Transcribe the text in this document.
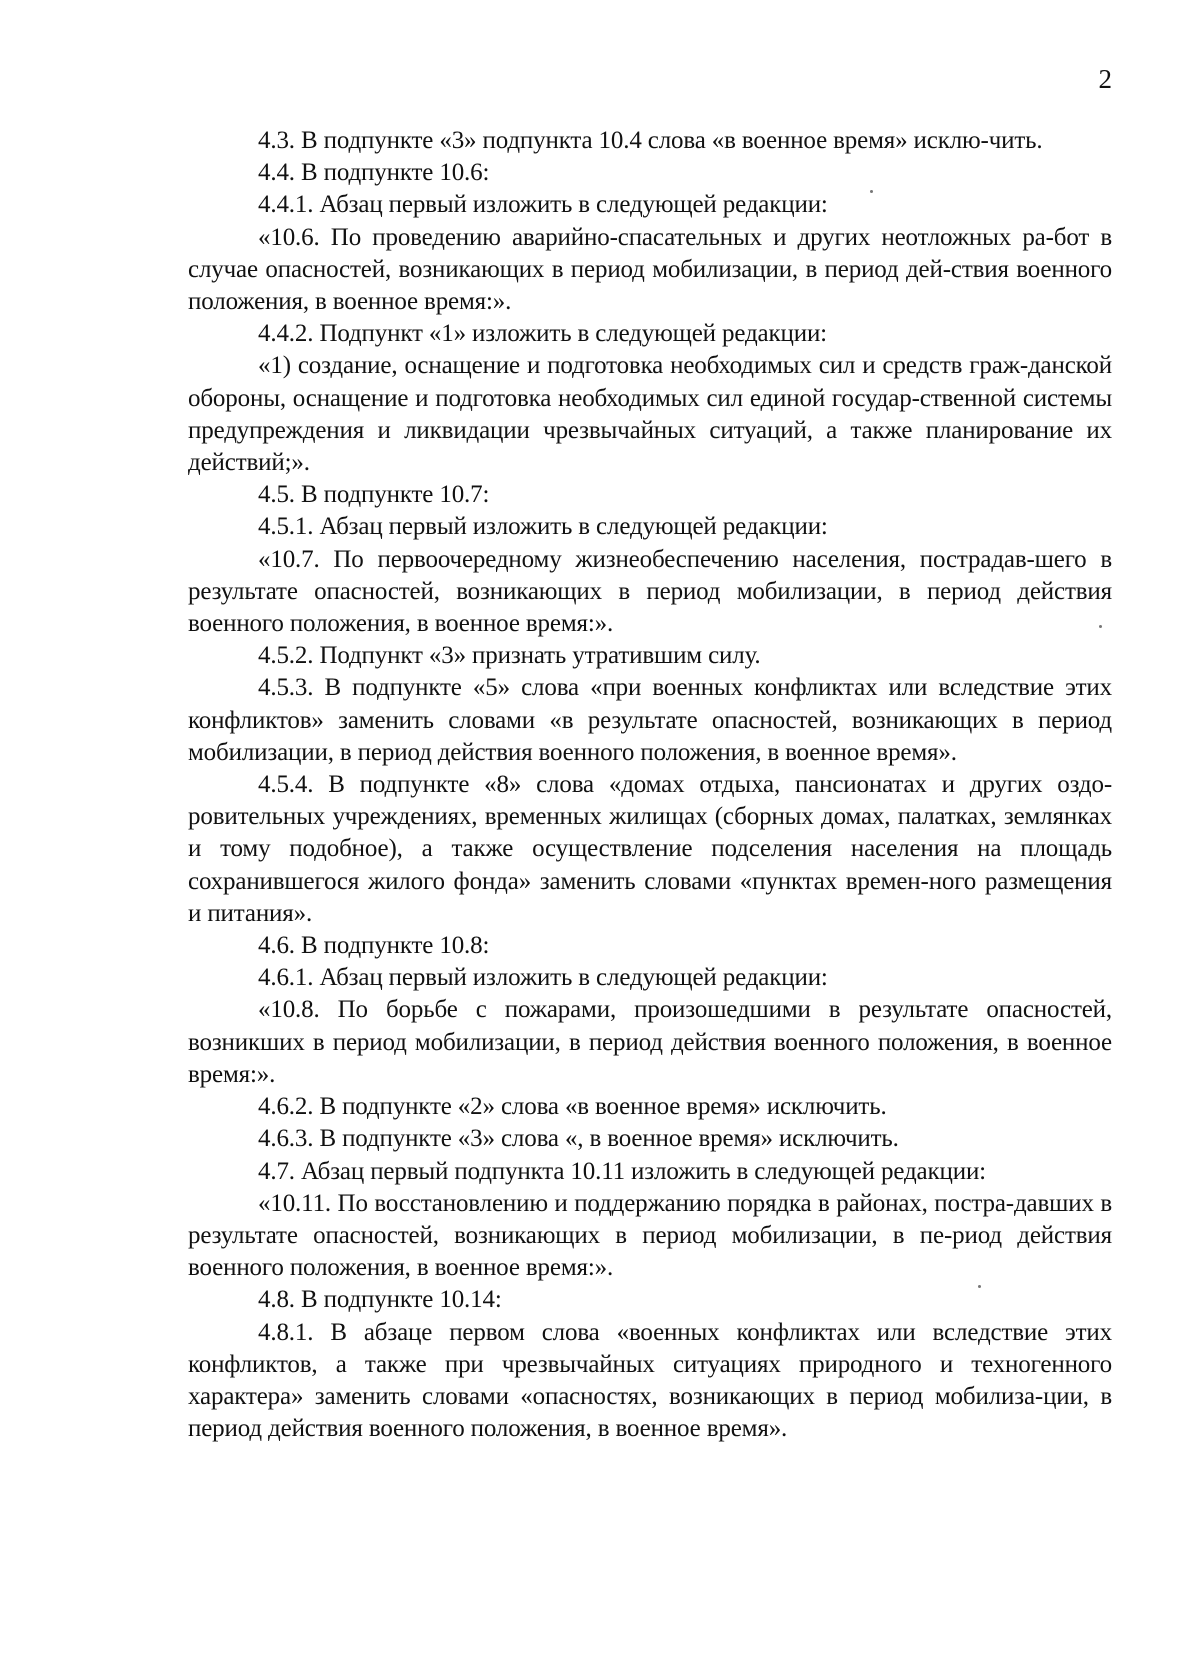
2

4.3. В подпункте «3» подпункта 10.4 слова «в военное время» исклю-чить.

4.4. В подпункте 10.6:

4.4.1. Абзац первый изложить в следующей редакции:

«10.6. По проведению аварийно-спасательных и других неотложных ра-бот в случае опасностей, возникающих в период мобилизации, в период дей-ствия военного положения, в военное время:».

4.4.2. Подпункт «1» изложить в следующей редакции:

«1) создание, оснащение и подготовка необходимых сил и средств граж-данской обороны, оснащение и подготовка необходимых сил единой государ-ственной системы предупреждения и ликвидации чрезвычайных ситуаций, а также планирование их действий;».

4.5. В подпункте 10.7:

4.5.1. Абзац первый изложить в следующей редакции:

«10.7. По первоочередному жизнеобеспечению населения, пострадав-шего в результате опасностей, возникающих в период мобилизации, в период действия военного положения, в военное время:».

4.5.2. Подпункт «3» признать утратившим силу.

4.5.3. В подпункте «5» слова «при военных конфликтах или вследствие этих конфликтов» заменить словами «в результате опасностей, возникающих в период мобилизации, в период действия военного положения, в военное время».

4.5.4. В подпункте «8» слова «домах отдыха, пансионатах и других оздо-ровительных учреждениях, временных жилищах (сборных домах, палатках, землянках и тому подобное), а также осуществление подселения населения на площадь сохранившегося жилого фонда» заменить словами «пунктах времен-ного размещения и питания».

4.6. В подпункте 10.8:

4.6.1. Абзац первый изложить в следующей редакции:

«10.8. По борьбе с пожарами, произошедшими в результате опасностей, возникших в период мобилизации, в период действия военного положения, в военное время:».

4.6.2. В подпункте «2» слова «в военное время» исключить.

4.6.3. В подпункте «3» слова «, в военное время» исключить.

4.7. Абзац первый подпункта 10.11 изложить в следующей редакции:

«10.11. По восстановлению и поддержанию порядка в районах, постра-давших в результате опасностей, возникающих в период мобилизации, в пе-риод действия военного положения, в военное время:».

4.8. В подпункте 10.14:

4.8.1. В абзаце первом слова «военных конфликтах или вследствие этих конфликтов, а также при чрезвычайных ситуациях природного и техногенного характера» заменить словами «опасностях, возникающих в период мобилиза-ции, в период действия военного положения, в военное время».
